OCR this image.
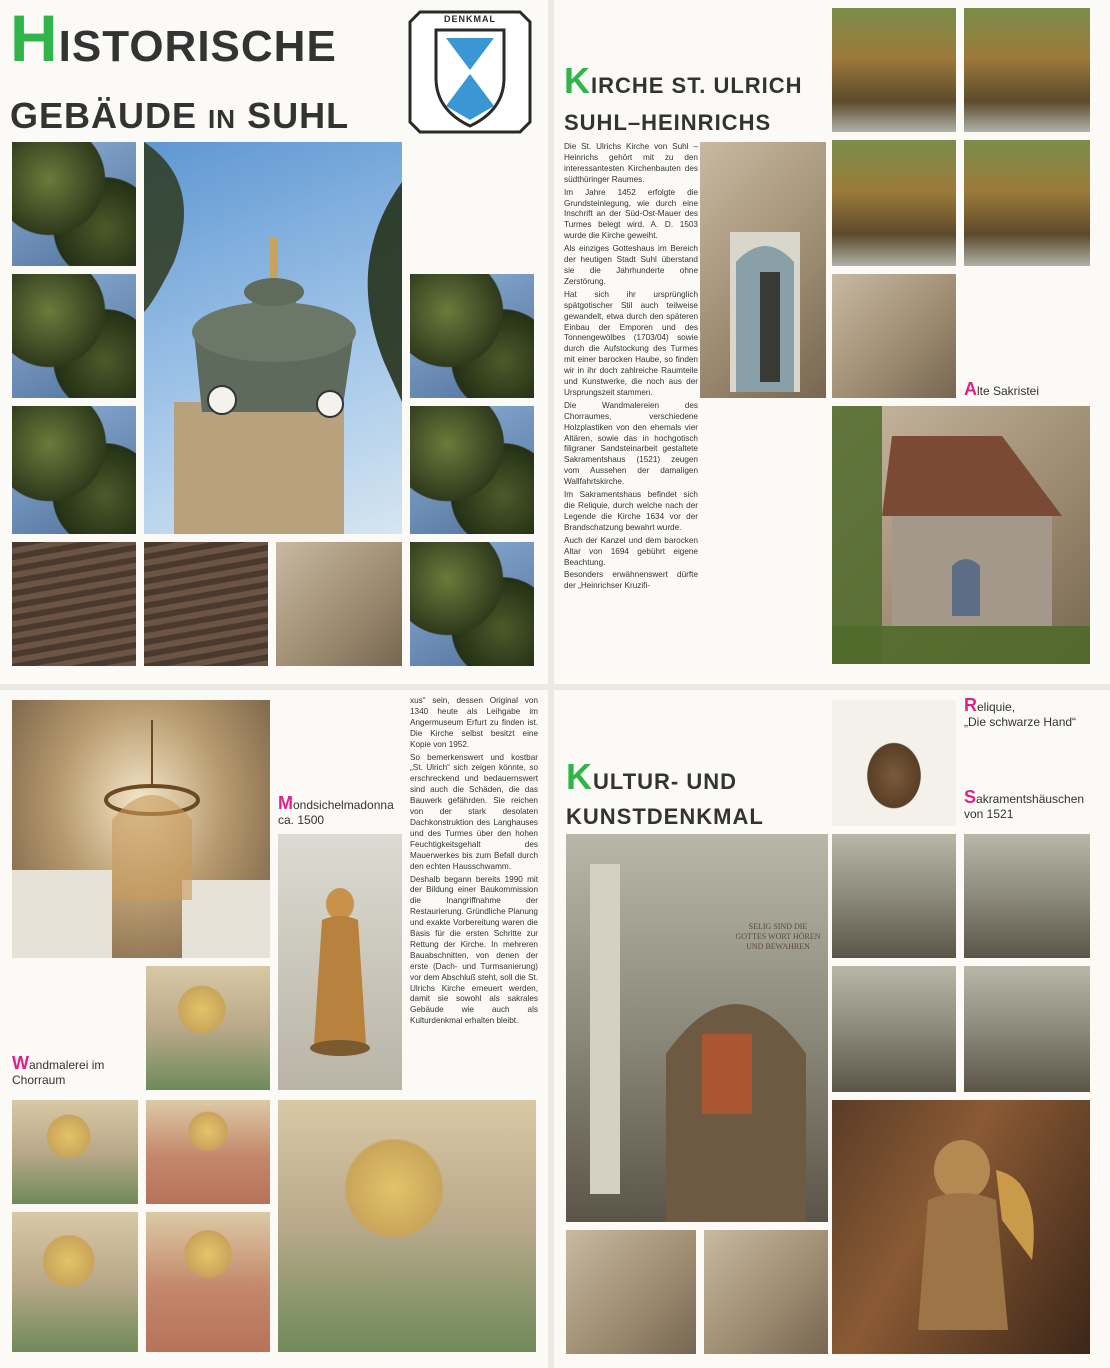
HISTORISCHE
GEBÄUDE IN SUHL
DENKMAL
KIRCHE ST. ULRICH
SUHL–HEINRICHS

Die St. Ulrichs Kirche von Suhl – Heinrichs gehört mit zu den interessantesten Kirchenbauten des südthüringer Raumes.

Im Jahre 1452 erfolgte die Grundsteinlegung, wie durch eine Inschrift an der Süd-Ost-Mauer des Turmes belegt wird. A. D. 1503 wurde die Kirche geweiht.

Als einziges Gotteshaus im Bereich der heutigen Stadt Suhl überstand sie die Jahrhunderte ohne Zerstörung.

Hat sich ihr ursprünglich spätgotischer Stil auch teilweise gewandelt, etwa durch den späteren Einbau der Emporen und des Tonnengewölbes (1703/04) sowie durch die Aufstockung des Turmes mit einer barocken Haube, so finden wir in ihr doch zahlreiche Raumteile und Kunstwerke, die noch aus der Ursprungszeit stammen.

Die Wandmalereien des Chorraumes, verschiedene Holzplastiken von den ehemals vier Altären, sowie das in hochgotisch filigraner Sandsteinarbeit gestaltete Sakramentshaus (1521) zeugen vom Aussehen der damaligen Wallfahrtskirche.

Im Sakramentshaus befindet sich die Reliquie, durch welche nach der Legende die Kirche 1634 vor der Brandschatzung bewahrt wurde.

Auch der Kanzel und dem barocken Altar von 1694 gebührt eigene Beachtung.

Besonders erwähnenswert dürfte der „Heinrichser Kruzifi-

Alte Sakristei

xus“ sein, dessen Original von 1340 heute als Leihgabe im Angermuseum Erfurt zu finden ist. Die Kirche selbst besitzt eine Kopie von 1952.

So bemerkenswert und kostbar „St. Ulrich“ sich zeigen könnte, so erschreckend und bedauernswert sind auch die Schäden, die das Bauwerk gefährden. Sie reichen von der stark desolaten Dachkonstruktion des Langhauses und des Turmes über den hohen Feuchtigkeitsgehalt des Mauerwerkes bis zum Befall durch den echten Hausschwamm.

Deshalb begann bereits 1990 mit der Bildung einer Baukommission die Inangriffnahme der Restaurierung. Gründliche Planung und exakte Vorbereitung waren die Basis für die ersten Schritte zur Rettung der Kirche. In mehreren Bauabschnitten, von denen der erste (Dach- und Turmsanierung) vor dem Abschluß steht, soll die St. Ulrichs Kirche erneuert werden, damit sie sowohl als sakrales Gebäude wie auch als Kulturdenkmal erhalten bleibt.

Mondsichelmadonna
ca. 1500
Wandmalerei im
Chorraum
Reliquie,
„Die schwarze Hand“
KULTUR- UND
KUNSTDENKMAL
Sakramentshäuschen
von 1521
SELIG SIND DIE GOTTES WORT HÖREN UND BEWAHREN
